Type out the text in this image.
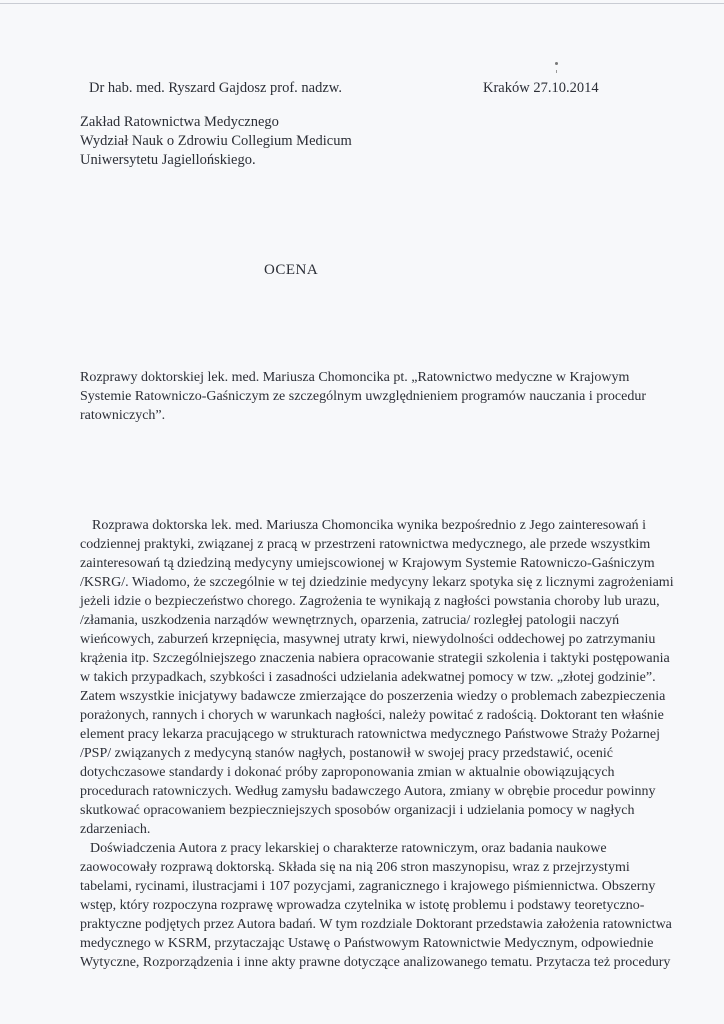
Dr hab. med. Ryszard Gajdosz prof. nadzw.	Kraków 27.10.2014
Zakład Ratownictwa Medycznego
Wydział Nauk o Zdrowiu Collegium Medicum
Uniwersytetu Jagiellońskiego.
OCENA
Rozprawy doktorskiej lek. med. Mariusza Chomoncika pt. „Ratownictwo medyczne w Krajowym
Systemie Ratowniczo-Gaśniczym ze szczególnym uwzględnieniem programów nauczania i procedur
ratowniczych”.
Rozprawa doktorska lek. med. Mariusza Chomoncika wynika bezpośrednio z Jego zainteresowań i
codziennej praktyki, związanej z pracą w przestrzeni ratownictwa medycznego, ale przede wszystkim
zainteresowań tą dziedziną medycyny umiejscowionej w Krajowym Systemie Ratowniczo-Gaśniczym
/KSRG/. Wiadomo, że szczególnie w tej dziedzinie medycyny lekarz spotyka się z licznymi zagrożeniami
jeżeli idzie o bezpieczeństwo chorego. Zagrożenia te wynikają z nagłości powstania choroby lub urazu,
/złamania, uszkodzenia narządów wewnętrznych, oparzenia, zatrucia/ rozległej patologii naczyń
wieńcowych, zaburzeń krzepnięcia, masywnej utraty krwi, niewydolności oddechowej po zatrzymaniu
krążenia itp. Szczególniejszego znaczenia nabiera opracowanie strategii szkolenia i taktyki postępowania
w takich przypadkach, szybkości i zasadności udzielania adekwatnej pomocy w tzw. „złotej godzinie”.
Zatem wszystkie inicjatywy badawcze zmierzające do poszerzenia wiedzy o problemach zabezpieczenia
porażonych, rannych i chorych w warunkach nagłości, należy powitać z radością. Doktorant ten właśnie
element pracy lekarza pracującego w strukturach ratownictwa medycznego Państwowe Straży Pożarnej
/PSP/ związanych z medycyną stanów nagłych, postanowił w swojej pracy przedstawić, ocenić
dotychczasowe standardy i dokonać próby zaproponowania zmian w aktualnie obowiązujących
procedurach ratowniczych. Według zamysłu badawczego Autora, zmiany w obrębie procedur powinny
skutkować opracowaniem bezpieczniejszych sposobów organizacji i udzielania pomocy w nagłych
zdarzeniach.
Doświadczenia Autora z pracy lekarskiej o charakterze ratowniczym, oraz badania naukowe
zaowocowały rozprawą doktorską. Składa się na nią 206 stron maszynopisu, wraz z przejrzystymi
tabelami, rycinami, ilustracjami i 107 pozycjami, zagranicznego i krajowego piśmiennictwa. Obszerny
wstęp, który rozpoczyna rozprawę wprowadza czytelnika w istotę problemu i podstawy teoretyczno-
praktyczne podjętych przez Autora badań. W tym rozdziale Doktorant przedstawia założenia ratownictwa
medycznego w KSRM, przytaczając Ustawę o Państwowym Ratownictwie Medycznym, odpowiednie
Wytyczne, Rozporządzenia i inne akty prawne dotyczące analizowanego tematu. Przytacza też procedury
